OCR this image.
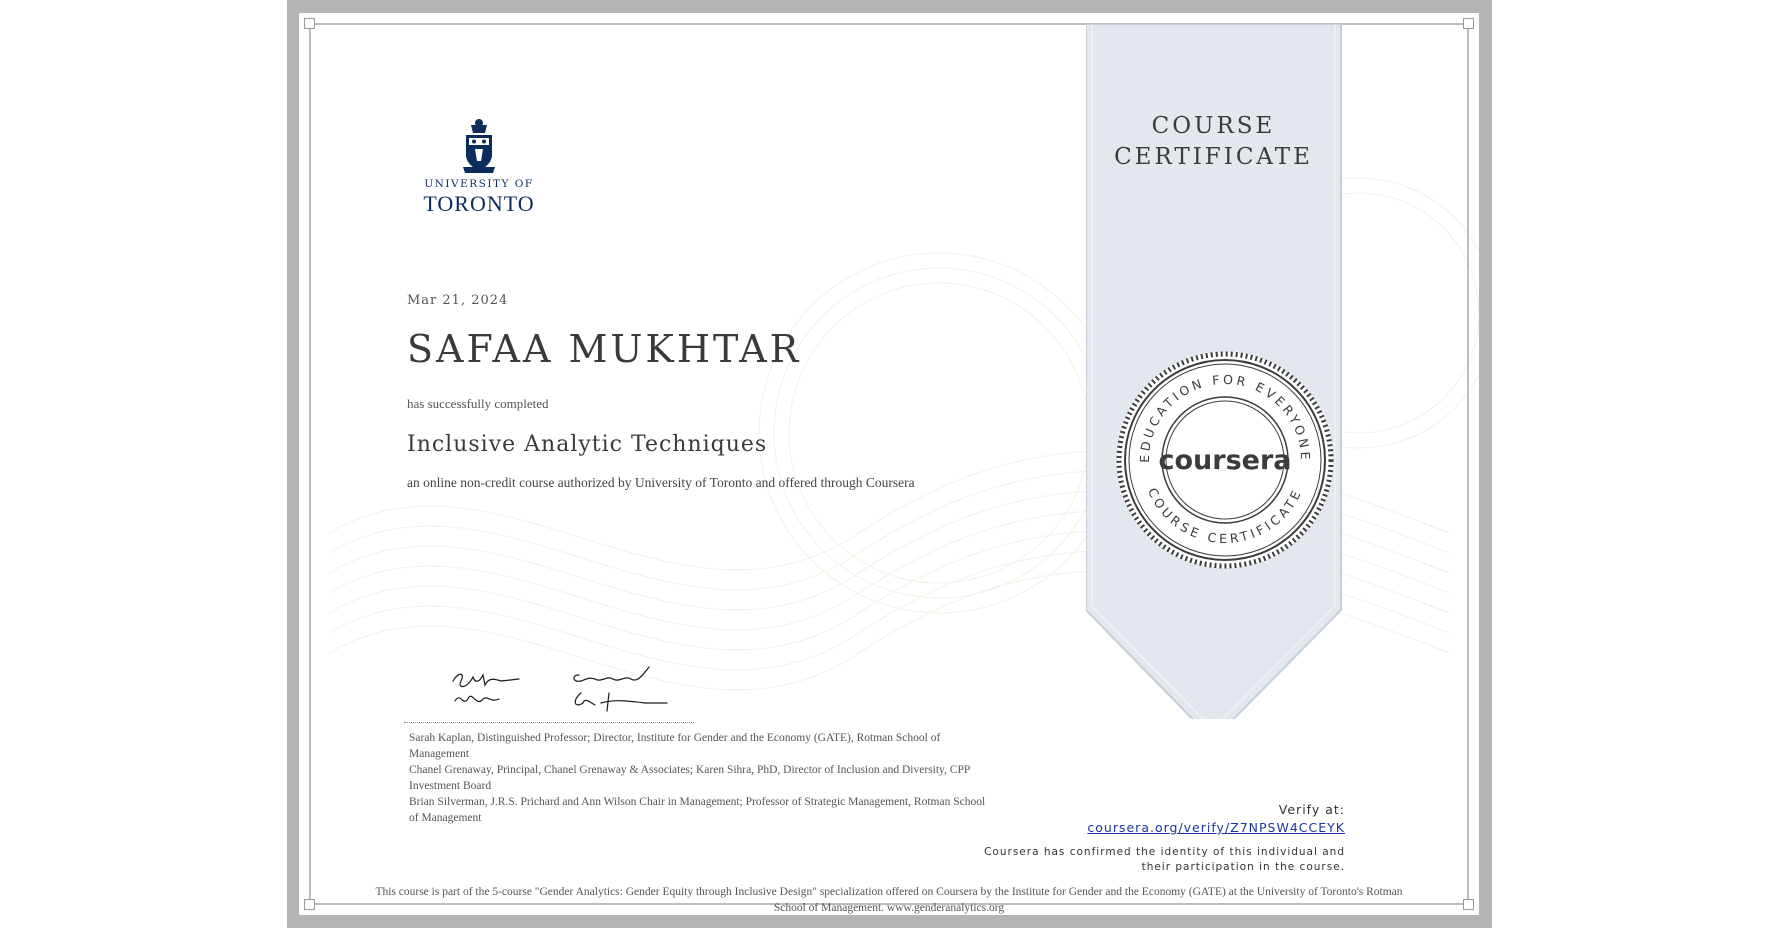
COURSE
CERTIFICATE
EDUCATION FOR EVERYONE
COURSE CERTIFICATE
coursera
UNIVERSITY OF
TORONTO
Mar 21, 2024
SAFAA MUKHTAR
has successfully completed
Inclusive Analytic Techniques
an online non-credit course authorized by University of Toronto and offered through Coursera
Sarah Kaplan, Distinguished Professor; Director, Institute for Gender and the Economy (GATE), Rotman School of
Management
Chanel Grenaway, Principal, Chanel Grenaway & Associates; Karen Sihra, PhD, Director of Inclusion and Diversity, CPP
Investment Board
Brian Silverman, J.R.S. Prichard and Ann Wilson Chair in Management; Professor of Strategic Management, Rotman School
of Management
Verify at:
coursera.org/verify/Z7NPSW4CCEYK
Coursera has confirmed the identity of this individual and
their participation in the course.
This course is part of the 5-course "Gender Analytics: Gender Equity through Inclusive Design" specialization offered on Coursera by the Institute for Gender and the Economy (GATE) at the University of Toronto's Rotman
School of Management. www.genderanalytics.org
